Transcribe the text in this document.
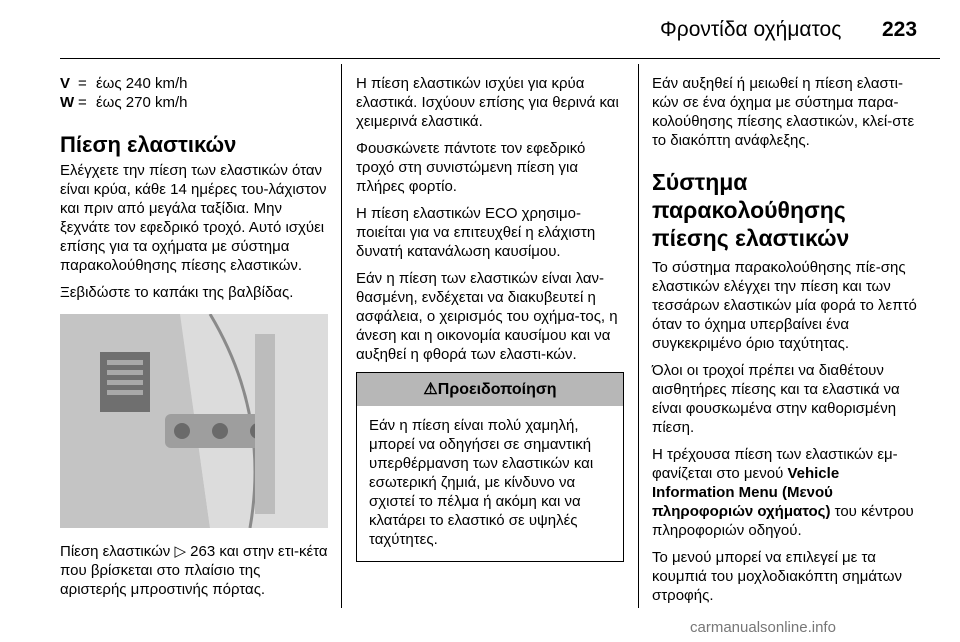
Φροντίδα οχήματος 223
V = έως 240 km/h
W = έως 270 km/h
Πίεση ελαστικών

Ελέγχετε την πίεση των ελαστικών όταν είναι κρύα, κάθε 14 ημέρες του-λάχιστον και πριν από μεγάλα ταξίδια. Μην ξεχνάτε τον εφεδρικό τροχό. Αυτό ισχύει επίσης για τα οχήματα με σύστημα παρακολούθησης πίεσης ελαστικών.

Ξεβιδώστε το καπάκι της βαλβίδας.

Πίεση ελαστικών ▷ 263 και στην ετι-κέτα που βρίσκεται στο πλαίσιο της αριστερής μπροστινής πόρτας.

Η πίεση ελαστικών ισχύει για κρύα ελαστικά. Ισχύουν επίσης για θερινά και χειμερινά ελαστικά.

Φουσκώνετε πάντοτε τον εφεδρικό τροχό στη συνιστώμενη πίεση για πλήρες φορτίο.

Η πίεση ελαστικών ECO χρησιμο-ποιείται για να επιτευχθεί η ελάχιστη δυνατή κατανάλωση καυσίμου.

Εάν η πίεση των ελαστικών είναι λαν-θασμένη, ενδέχεται να διακυβευτεί η ασφάλεια, ο χειρισμός του οχήμα-τος, η άνεση και η οικονομία καυσίμου και να αυξηθεί η φθορά των ελαστι-κών.

⚠Προειδοποίηση
Εάν η πίεση είναι πολύ χαμηλή, μπορεί να οδηγήσει σε σημαντική υπερθέρμανση των ελαστικών και εσωτερική ζημιά, με κίνδυνο να σχιστεί το πέλμα ή ακόμη και να κλατάρει το ελαστικό σε υψηλές ταχύτητες.

Εάν αυξηθεί ή μειωθεί η πίεση ελαστι-κών σε ένα όχημα με σύστημα παρα-κολούθησης πίεσης ελαστικών, κλεί-στε το διακόπτη ανάφλεξης.

Σύστημα παρακολούθησης πίεσης ελαστικών

Το σύστημα παρακολούθησης πίε-σης ελαστικών ελέγχει την πίεση και των τεσσάρων ελαστικών μία φορά το λεπτό όταν το όχημα υπερβαίνει ένα συγκεκριμένο όριο ταχύτητας.

Όλοι οι τροχοί πρέπει να διαθέτουν αισθητήρες πίεσης και τα ελαστικά να είναι φουσκωμένα στην καθορισμένη πίεση.

Η τρέχουσα πίεση των ελαστικών εμ-φανίζεται στο μενού Vehicle Information Menu (Μενού πληροφοριών οχήματος) του κέντρου πληροφοριών οδηγού.

Το μενού μπορεί να επιλεγεί με τα κουμπιά του μοχλοδιακόπτη σημάτων στροφής.

carmanualsonline.info
